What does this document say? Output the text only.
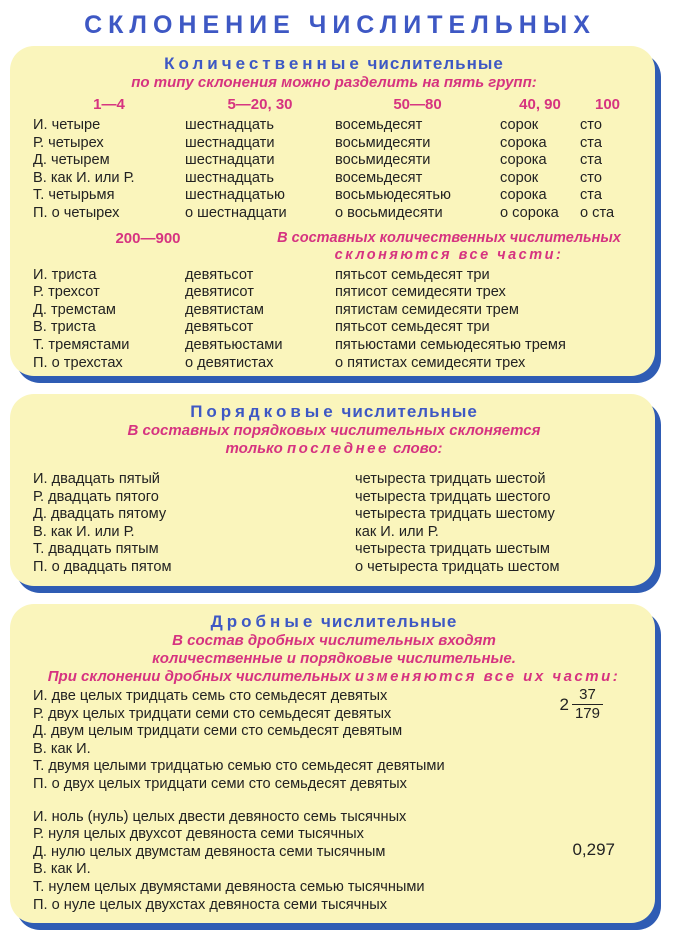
СКЛОНЕНИЕ ЧИСЛИТЕЛЬНЫХ
Количественные числительные
по типу склонения можно разделить на пять групп:
1—4	5—20, 30	50—80	40, 90	100
И. четыре	шестнадцать	восемьдесят	сорок	сто
Р. четырех	шестнадцати	восьмидесяти	сорока	ста
Д. четырем	шестнадцати	восьмидесяти	сорока	ста
В. как И. или Р.	шестнадцать	восемьдесят	сорок	сто
Т. четырьмя	шестнадцатью	восьмьюдесятью	сорока	ста
П. о четырех	о шестнадцати	о восьмидесяти	о сорока	о ста
200—900	В составных количественных числительных
склоняются все части:
И. триста	девятьсот	пятьсот семьдесят три
Р. трехсот	девятисот	пятисот семидесяти трех
Д. тремстам	девятистам	пятистам семидесяти трем
В. триста	девятьсот	пятьсот семьдесят три
Т. тремястами	девятьюстами	пятьюстами семьюдесятью тремя
П. о трехстах	о девятистах	о пятистах семидесяти трех
Порядковые числительные
В составных порядковых числительных склоняется
только последнее слово:
И. двадцать пятый	четыреста тридцать шестой
Р. двадцать пятого	четыреста тридцать шестого
Д. двадцать пятому	четыреста тридцать шестому
В. как И. или Р.	как И. или Р.
Т. двадцать пятым	четыреста тридцать шестым
П. о двадцать пятом	о четыреста тридцать шестом
Дробные числительные
В состав дробных числительных входят
количественные и порядковые числительные.
При склонении дробных числительных изменяются все их части:
И. две целых тридцать семь сто семьдесят девятых
Р. двух целых тридцати семи сто семьдесят девятых
Д. двум целым тридцати семи сто семьдесят девятым
В. как И.
Т. двумя целыми тридцатью семью сто семьдесят девятыми
П. о двух целых тридцати семи сто семьдесят девятых
И. ноль (нуль) целых двести девяносто семь тысячных
Р. нуля целых двухсот девяноста семи тысячных
Д. нулю целых двумстам девяноста семи тысячным
В. как И.
Т. нулем целых двумястами девяноста семью тысячными
П. о нуле целых двухстах девяноста семи тысячных
$2 \frac{37}{179}$
0,297
